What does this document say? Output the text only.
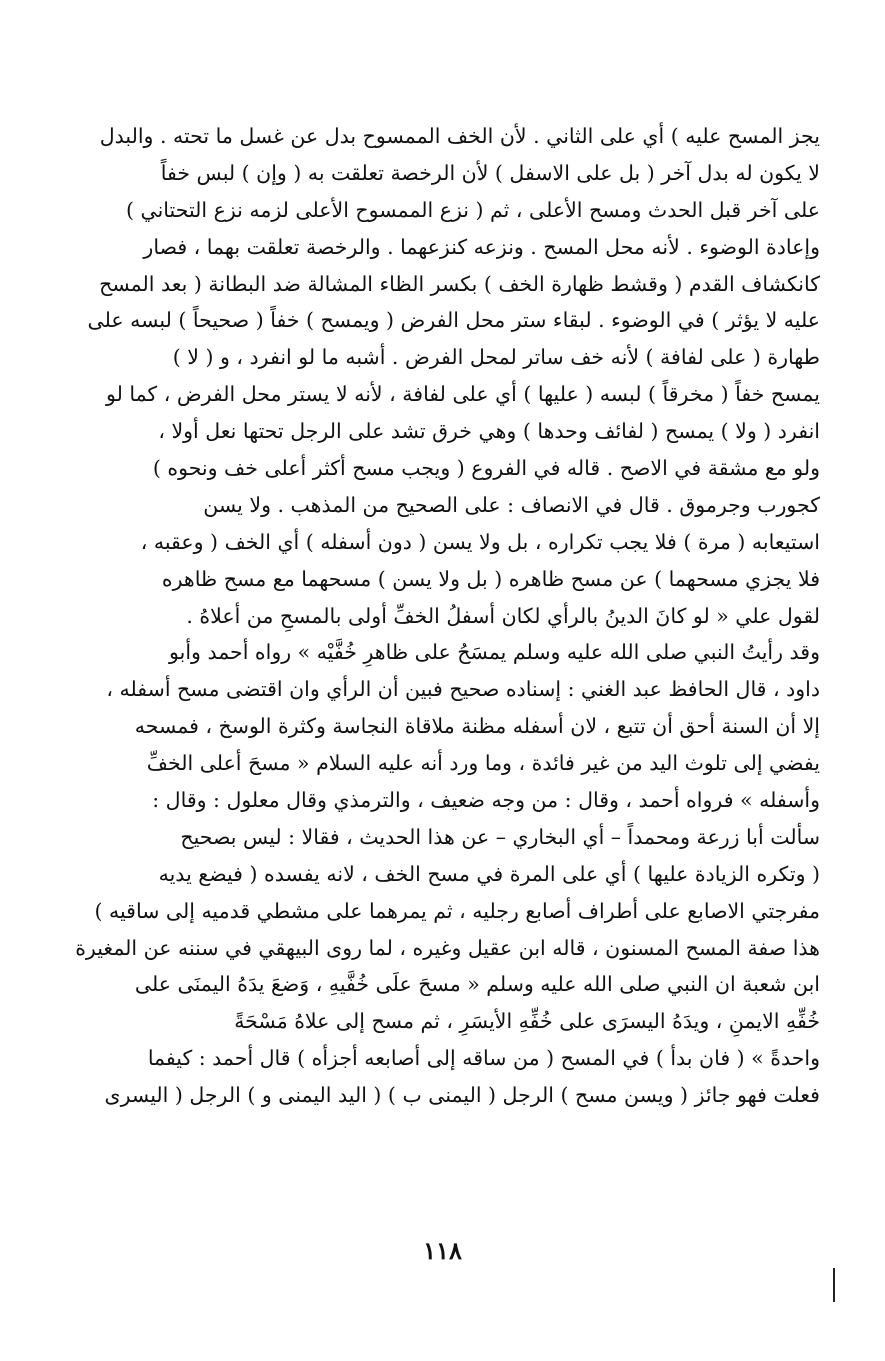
يجز المسح عليه ) أي على الثاني . لأن الخف الممسوح بدل عن غسل ما تحته . والبدل
لا يكون له بدل آخر ( بل على الاسفل ) لأن الرخصة تعلقت به ( وإن ) لبس خفاً
على آخر قبل الحدث ومسح الأعلى ، ثم ( نزع الممسوح الأعلى لزمه نزع التحتاني )
وإعادة الوضوء . لأنه محل المسح . ونزعه كنزعهما . والرخصة تعلقت بهما ، فصار
كانكشاف القدم ( وقشط ظهارة الخف ) بكسر الظاء المشالة ضد البطانة ( بعد المسح
عليه لا يؤثر ) في الوضوء . لبقاء ستر محل الفرض ( ويمسح ) خفاً ( صحيحاً ) لبسه على
طهارة ( على لفافة ) لأنه خف ساتر لمحل الفرض . أشبه ما لو انفرد ، و ( لا )
يمسح خفاً ( مخرقاً ) لبسه ( عليها ) أي على لفافة ، لأنه لا يستر محل الفرض ، كما لو
انفرد ( ولا ) يمسح ( لفائف وحدها ) وهي خرق تشد على الرجل تحتها نعل أولا ،
ولو مع مشقة في الاصح . قاله في الفروع ( ويجب مسح أكثر أعلى خف ونحوه )
كجورب وجرموق . قال في الانصاف : على الصحيح من المذهب . ولا يسن
استيعابه ( مرة ) فلا يجب تكراره ، بل ولا يسن ( دون أسفله ) أي الخف ( وعقبه ،
فلا يجزي مسحهما ) عن مسح ظاهره ( بل ولا يسن ) مسحهما مع مسح ظاهره
لقول علي « لو كانَ الدينُ بالرأي لكان أسفلُ الخفِّ أولى بالمسحِ من أعلاهُ .
وقد رأيتُ النبي صلى الله عليه وسلم يمسَحُ على ظاهرِ خُفَّيْه » رواه أحمد وأبو
داود ، قال الحافظ عبد الغني : إسناده صحيح فبين أن الرأي وان اقتضى مسح أسفله ،
إلا أن السنة أحق أن تتبع ، لان أسفله مظنة ملاقاة النجاسة وكثرة الوسخ ، فمسحه
يفضي إلى تلوث اليد من غير فائدة ، وما ورد أنه عليه السلام « مسحَ أعلى الخفِّ
وأسفله » فرواه أحمد ، وقال : من وجه ضعيف ، والترمذي وقال معلول : وقال :
سألت أبا زرعة ومحمداً – أي البخاري – عن هذا الحديث ، فقالا : ليس بصحيح
( وتكره الزيادة عليها ) أي على المرة في مسح الخف ، لانه يفسده ( فيضع يديه
مفرجتي الاصابع على أطراف أصابع رجليه ، ثم يمرهما على مشطي قدميه إلى ساقيه )
هذا صفة المسح المسنون ، قاله ابن عقيل وغيره ، لما روى البيهقي في سننه عن المغيرة
ابن شعبة ان النبي صلى الله عليه وسلم « مسحَ علَى خُفَّيهِ ، وَضعَ يدَهُ اليمنَى على
خُفِّهِ الايمنِ ، ويدَهُ اليسرَى على خُفِّهِ الأيسَرِ ، ثم مسح إلى علاهُ مَسْحَةً
واحدةً » ( فان بدأ ) في المسح ( من ساقه إلى أصابعه أجزأه ) قال أحمد : كيفما
فعلت فهو جائز ( ويسن مسح ) الرجل ( اليمنى ب ) ( اليد اليمنى و ) الرجل ( اليسرى
١١٨
